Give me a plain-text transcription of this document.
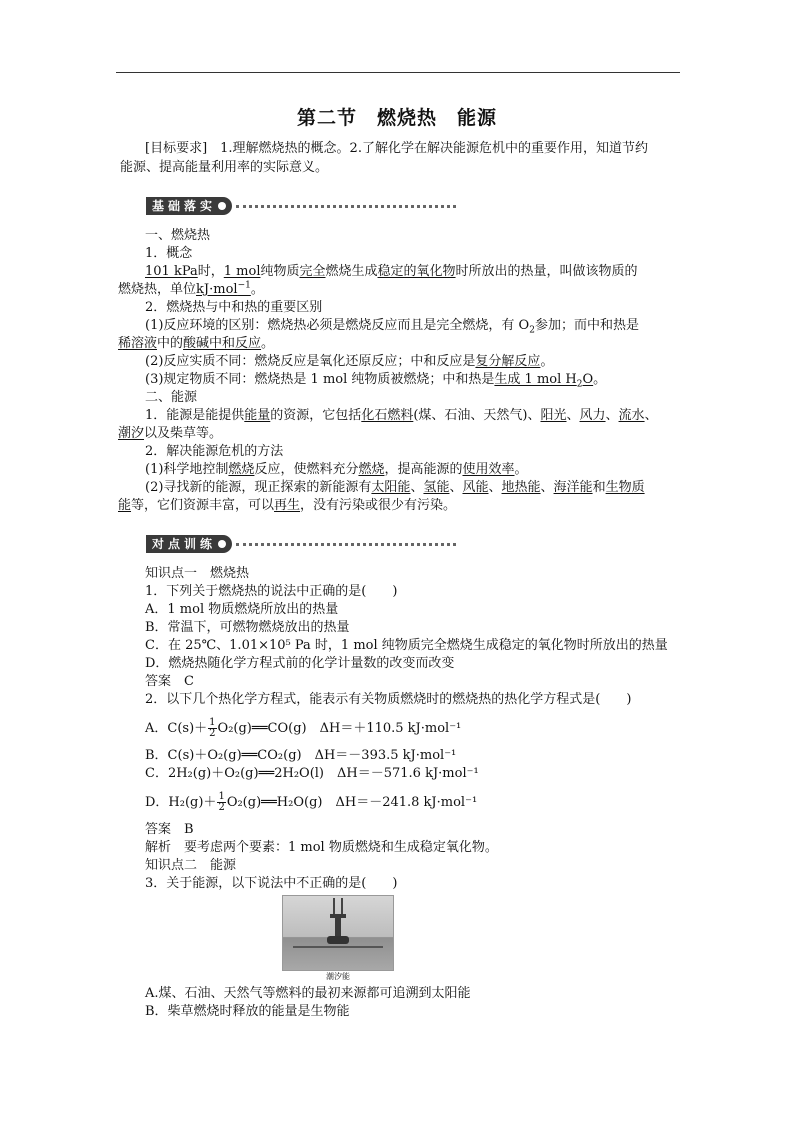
第二节 燃烧热 能源
[目标要求]　1.理解燃烧热的概念。2.了解化学在解决能源危机中的重要作用，知道节约
能源、提高能量利用率的实际意义。
基础落实
一、燃烧热
1．概念
101 kPa时，1 mol纯物质完全燃烧生成稳定的氧化物时所放出的热量，叫做该物质的
燃烧热，单位kJ·mol$^{-1}$。
2．燃烧热与中和热的重要区别
(1)反应环境的区别：燃烧热必须是燃烧反应而且是完全燃烧，有 $O_2$参加；而中和热是
稀溶液中的酸碱中和反应。
(2)反应实质不同：燃烧反应是氧化还原反应；中和反应是复分解反应。
(3)规定物质不同：燃烧热是 1 mol 纯物质被燃烧；中和热是生成 1 mol $H_2O$。
二、能源
1．能源是能提供能量的资源，它包括化石燃料(煤、石油、天然气)、阳光、风力、流水、
潮汐以及柴草等。
2．解决能源危机的方法
(1)科学地控制燃烧反应，使燃料充分燃烧，提高能源的使用效率。
(2)寻找新的能源，现正探索的新能源有太阳能、氢能、风能、地热能、海洋能和生物质
能等，它们资源丰富，可以再生，没有污染或很少有污染。
对点训练
知识点一　燃烧热
1．下列关于燃烧热的说法中正确的是(　　)
A．1 mol 物质燃烧所放出的热量
B．常温下，可燃物燃烧放出的热量
C．在 25℃、1.01×10⁵ Pa 时，1 mol 纯物质完全燃烧生成稳定的氧化物时所放出的热量
D．燃烧热随化学方程式前的化学计量数的改变而改变
答案　C
2．以下几个热化学方程式，能表示有关物质燃烧时的燃烧热的热化学方程式是(　　)
A．$C(s)+ \frac{1}{2}$ O₂(g)══CO(g)　ΔH＝＋110.5 kJ·mol⁻¹
B．C(s)＋O₂(g)══CO₂(g)　ΔH＝－393.5 kJ·mol⁻¹
C．2H₂(g)＋O₂(g)══2H₂O(l)　ΔH＝－571.6 kJ·mol⁻¹
D．$H_2(g)+ \frac{1}{2}$ O₂(g)══H₂O(g)　ΔH＝－241.8 kJ·mol⁻¹
答案　B
解析　要考虑两个要素：1 mol 物质燃烧和生成稳定氧化物。
知识点二　能源
3．关于能源，以下说法中不正确的是(　　)
潮汐能
A.煤、石油、天然气等燃料的最初来源都可追溯到太阳能
B．柴草燃烧时释放的能量是生物能
